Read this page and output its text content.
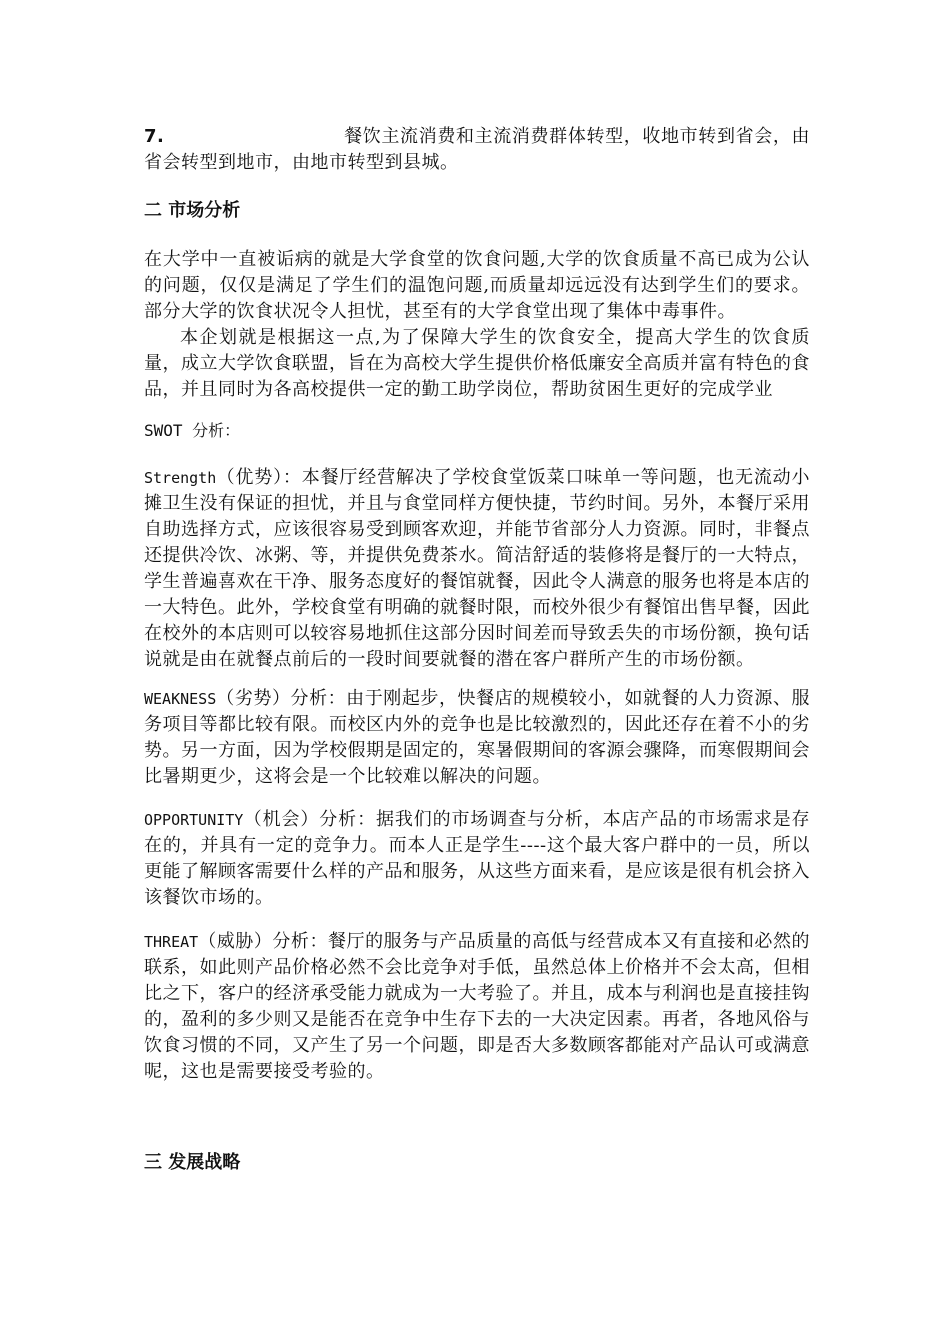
7.	餐饮主流消费和主流消费群体转型，收地市转到省会，由省会转型到地市，由地市转型到县城。
二 市场分析
在大学中一直被诟病的就是大学食堂的饮食问题,大学的饮食质量不高已成为公认的问题，仅仅是满足了学生们的温饱问题,而质量却远远没有达到学生们的要求。部分大学的饮食状况令人担忧，甚至有的大学食堂出现了集体中毒事件。
本企划就是根据这一点,为了保障大学生的饮食安全，提高大学生的饮食质量，成立大学饮食联盟，旨在为高校大学生提供价格低廉安全高质并富有特色的食品，并且同时为各高校提供一定的勤工助学岗位，帮助贫困生更好的完成学业
SWOT 分析：
Strength（优势）：本餐厅经营解决了学校食堂饭菜口味单一等问题，也无流动小摊卫生没有保证的担忧，并且与食堂同样方便快捷，节约时间。另外，本餐厅采用自助选择方式，应该很容易受到顾客欢迎，并能节省部分人力资源。同时，非餐点还提供冷饮、冰粥、等，并提供免费茶水。简洁舒适的装修将是餐厅的一大特点，学生普遍喜欢在干净、服务态度好的餐馆就餐，因此令人满意的服务也将是本店的一大特色。此外，学校食堂有明确的就餐时限，而校外很少有餐馆出售早餐，因此在校外的本店则可以较容易地抓住这部分因时间差而导致丢失的市场份额，换句话说就是由在就餐点前后的一段时间要就餐的潜在客户群所产生的市场份额。
WEAKNESS（劣势）分析：由于刚起步，快餐店的规模较小，如就餐的人力资源、服务项目等都比较有限。而校区内外的竞争也是比较激烈的，因此还存在着不小的劣势。另一方面，因为学校假期是固定的，寒暑假期间的客源会骤降，而寒假期间会比暑期更少，这将会是一个比较难以解决的问题。
OPPORTUNITY（机会）分析：据我们的市场调查与分析，本店产品的市场需求是存在的，并具有一定的竞争力。而本人正是学生----这个最大客户群中的一员，所以更能了解顾客需要什么样的产品和服务，从这些方面来看，是应该是很有机会挤入该餐饮市场的。
THREAT（威胁）分析：餐厅的服务与产品质量的高低与经营成本又有直接和必然的联系，如此则产品价格必然不会比竞争对手低，虽然总体上价格并不会太高，但相比之下，客户的经济承受能力就成为一大考验了。并且，成本与利润也是直接挂钩的，盈利的多少则又是能否在竞争中生存下去的一大决定因素。再者，各地风俗与饮食习惯的不同，又产生了另一个问题，即是否大多数顾客都能对产品认可或满意呢，这也是需要接受考验的。
三 发展战略
